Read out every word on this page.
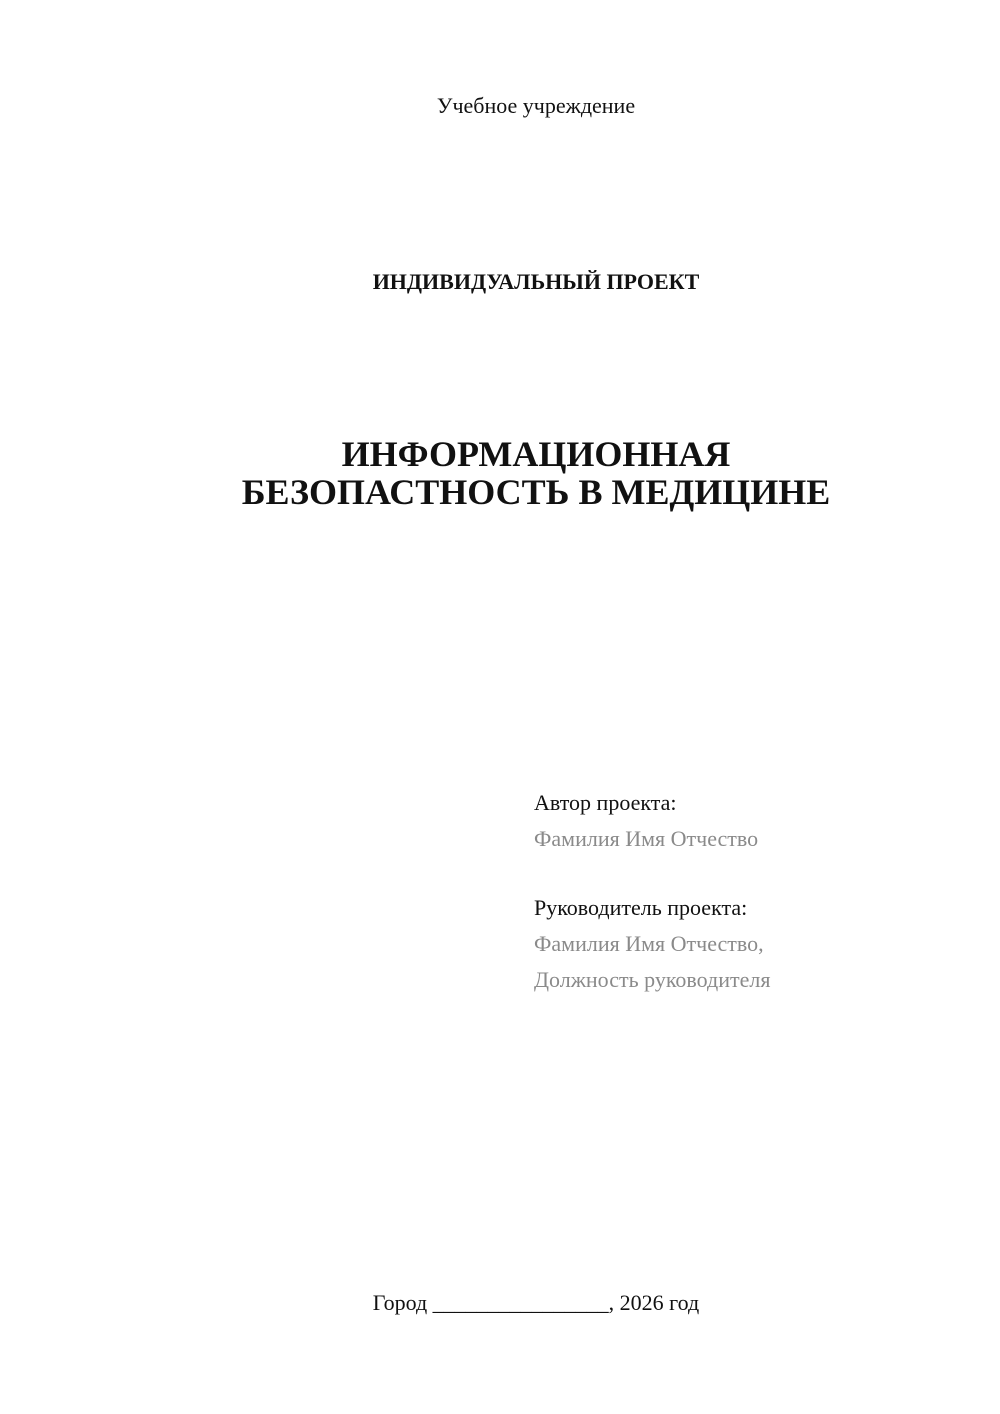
Учебное учреждение
ИНДИВИДУАЛЬНЫЙ ПРОЕКТ
ИНФОРМАЦИОННАЯ
БЕЗОПАСТНОСТЬ В МЕДИЦИНЕ
Автор проекта:
Фамилия Имя Отчество
Руководитель проекта:
Фамилия Имя Отчество,
Должность руководителя
Город ________________, 2026 год
